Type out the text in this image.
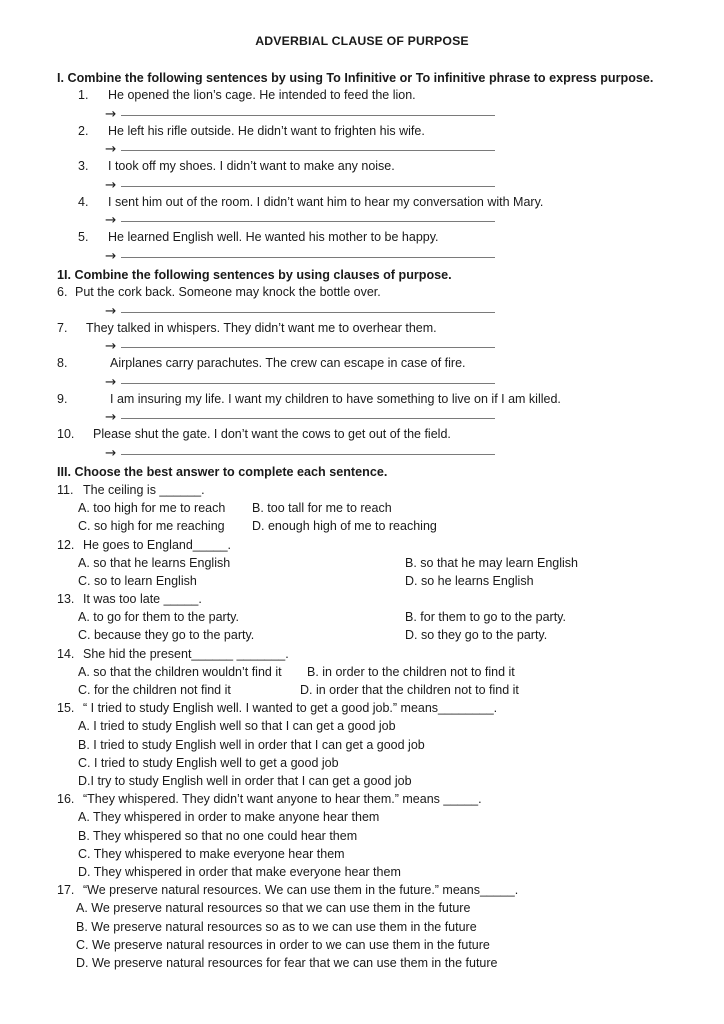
ADVERBIAL CLAUSE OF PURPOSE
I. Combine the following sentences by using To Infinitive or To infinitive phrase to express purpose.
1. He opened the lion’s cage. He intended to feed the lion.
→
2. He left his rifle outside. He didn’t want to frighten his wife.
→
3. I took off my shoes. I didn’t want to make any noise.
→
4. I sent him out of the room. I didn’t want him to hear my conversation with Mary.
→
5. He learned English well. He wanted his mother to be happy.
→
1I. Combine the following sentences by using clauses of purpose.
6. Put the cork back. Someone may knock the bottle over.
→
7. They talked in whispers. They didn’t want me to overhear them.
→
8.	Airplanes carry parachutes. The crew can escape in case of fire.
→
9.	I am insuring my life. I want my children to have something to live on if I am killed.
→
10. Please shut the gate. I don’t want the cows to get out of the field.
→
III. Choose the best answer to complete each sentence.
11. The ceiling is ______.
A. too high for me to reach B. too tall for me to reach
C. so high for me reaching D. enough high of me to reaching
12. He goes to England_____.
A. so that he learns English	B. so that he may learn English
C. so to learn English	D. so he learns English
13. It was too late _____.
A. to go for them to the party.	B. for them to go to the party.
C. because they go to the party.	D. so they go to the party.
14. She hid the present______ _______.
A. so that the children wouldn’t find it B. in order to the children not to find it
C. for the children not find it	D. in order that the children not to find it
15. “ I tried to study English well. I wanted to get a good job.” means________.
A. I tried to study English well so that I can get a good job
B. I tried to study English well in order that I can get a good job
C. I tried to study English well to get a good job
D.I try to study English well in order that I can get a good job
16. “They whispered. They didn’t want anyone to hear them.” means _____.
A. They whispered in order to make anyone hear them
B. They whispered so that no one could hear them
C. They whispered to make everyone hear them
D. They whispered in order that make everyone hear them
17. “We preserve natural resources. We can use them in the future.” means_____.
A. We preserve natural resources so that we can use them in the future
B. We preserve natural resources so as to we can use them in the future
C. We preserve natural resources in order to we can use them in the future
D. We preserve natural resources for fear that we can use them in the future
